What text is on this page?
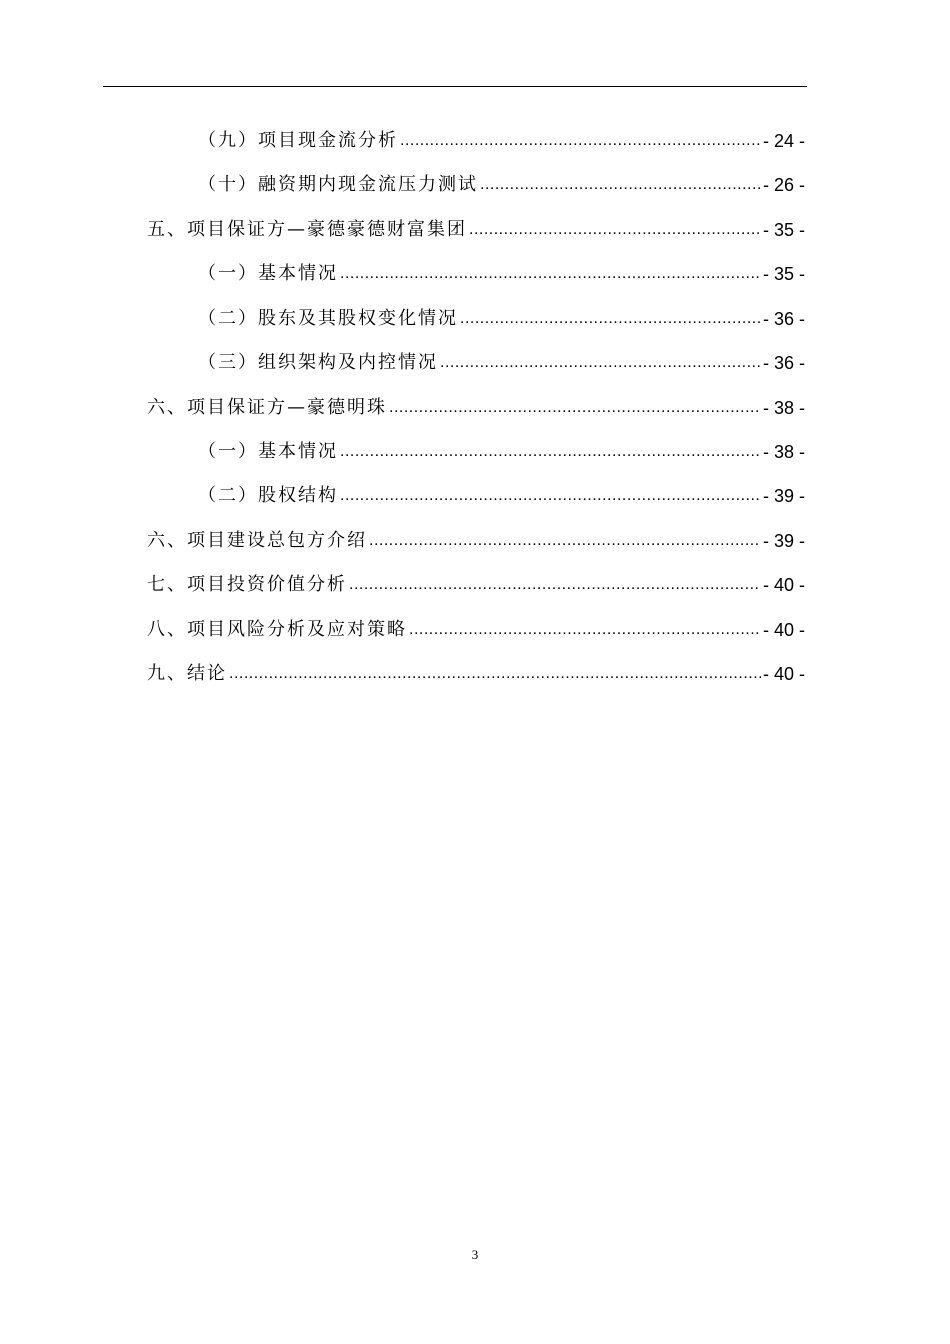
（九）项目现金流分析 .....	- 24 -
（十）融资期内现金流压力测试 .....	- 26 -
五、项目保证方—豪德豪德财富集团 .....	- 35 -
（一）基本情况 .....	- 35 -
（二）股东及其股权变化情况 .....	- 36 -
（三）组织架构及内控情况 .....	- 36 -
六、项目保证方—豪德明珠 .....	- 38 -
（一）基本情况 .....	- 38 -
（二）股权结构 .....	- 39 -
六、项目建设总包方介绍 .....	- 39 -
七、项目投资价值分析 .....	- 40 -
八、项目风险分析及应对策略 .....	- 40 -
九、结论 .....	- 40 -
3
